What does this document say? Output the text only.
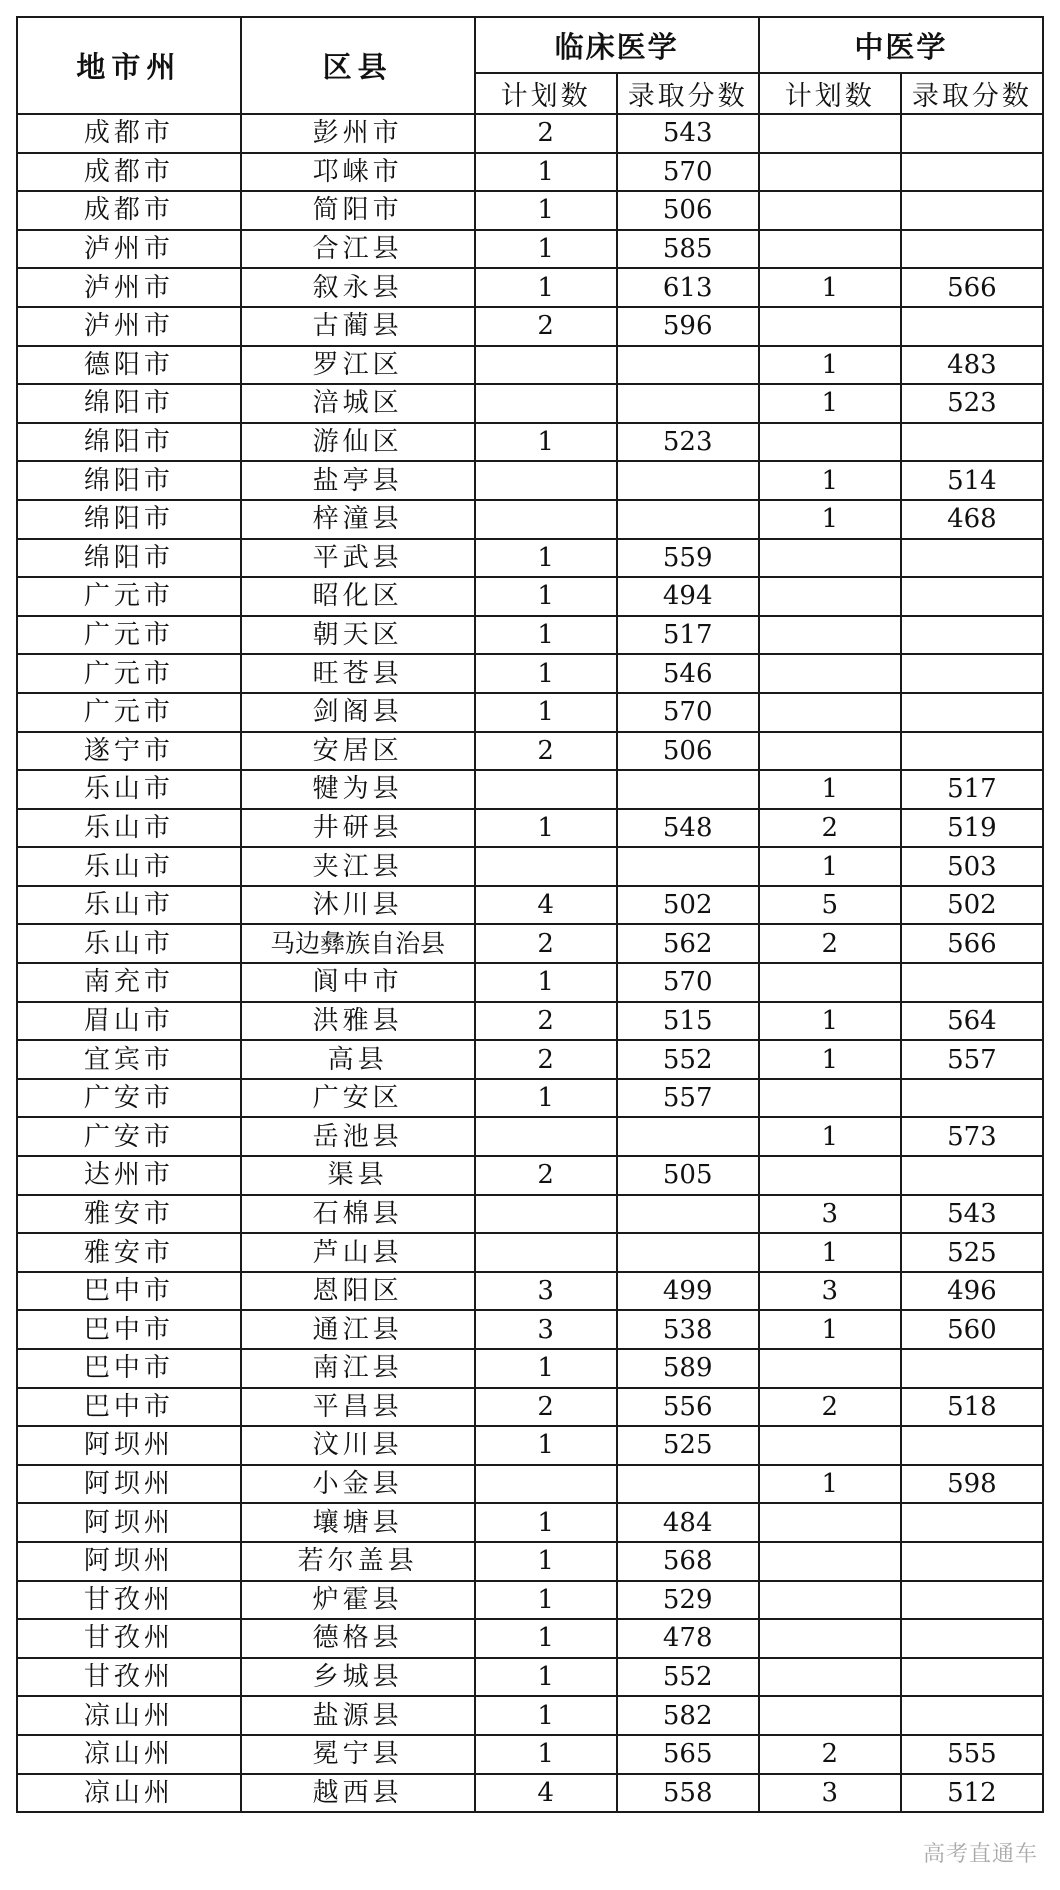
地市州	区县	临床医学		中医学	
		计划数	录取分数	计划数	录取分数
成都市	彭州市	2	543		
成都市	邛崃市	1	570		
成都市	简阳市	1	506		
泸州市	合江县	1	585		
泸州市	叙永县	1	613	1	566
泸州市	古蔺县	2	596		
德阳市	罗江区			1	483
绵阳市	涪城区			1	523
绵阳市	游仙区	1	523		
绵阳市	盐亭县			1	514
绵阳市	梓潼县			1	468
绵阳市	平武县	1	559		
广元市	昭化区	1	494		
广元市	朝天区	1	517		
广元市	旺苍县	1	546		
广元市	剑阁县	1	570		
遂宁市	安居区	2	506		
乐山市	犍为县			1	517
乐山市	井研县	1	548	2	519
乐山市	夹江县			1	503
乐山市	沐川县	4	502	5	502
乐山市	马边彝族自治县	2	562	2	566
南充市	阆中市	1	570		
眉山市	洪雅县	2	515	1	564
宜宾市	高县	2	552	1	557
广安市	广安区	1	557		
广安市	岳池县			1	573
达州市	渠县	2	505		
雅安市	石棉县			3	543
雅安市	芦山县			1	525
巴中市	恩阳区	3	499	3	496
巴中市	通江县	3	538	1	560
巴中市	南江县	1	589		
巴中市	平昌县	2	556	2	518
阿坝州	汶川县	1	525		
阿坝州	小金县			1	598
阿坝州	壤塘县	1	484		
阿坝州	若尔盖县	1	568		
甘孜州	炉霍县	1	529		
甘孜州	德格县	1	478		
甘孜州	乡城县	1	552		
凉山州	盐源县	1	582		
凉山州	冕宁县	1	565	2	555
凉山州	越西县	4	558	3	512
高考直通车
